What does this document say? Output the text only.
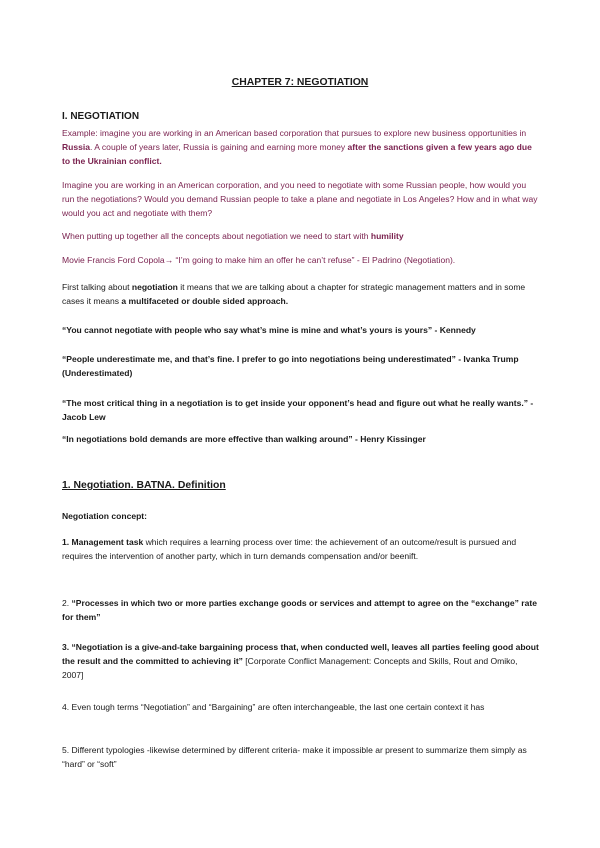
CHAPTER 7: NEGOTIATION

I. NEGOTIATION

Example: imagine you are working in an American based corporation that pursues to explore new business opportunities in Russia. A couple of years later, Russia is gaining and earning more money after the sanctions given a few years ago due to the Ukrainian conflict.

Imagine you are working in an American corporation, and you need to negotiate with some Russian people, how would you run the negotiations? Would you demand Russian people to take a plane and negotiate in Los Angeles? How and in what way would you act and negotiate with them?

When putting up together all the concepts about negotiation we need to start with humility

Movie Francis Ford Copola→ “I’m going to make him an offer he can’t refuse” - El Padrino (Negotiation).

First talking about negotiation it means that we are talking about a chapter for strategic management matters and in some cases it means a multifaceted or double sided approach.

“You cannot negotiate with people who say what’s mine is mine and what’s yours is yours” - Kennedy

“People underestimate me, and that’s fine. I prefer to go into negotiations being underestimated” - Ivanka Trump (Underestimated)

“The most critical thing in a negotiation is to get inside your opponent’s head and figure out what he really wants.” - Jacob Lew

“In negotiations bold demands are more effective than walking around” - Henry Kissinger

1. Negotiation. BATNA. Definition

Negotiation concept:

1. Management task which requires a learning process over time: the achievement of an outcome/result is pursued and requires the intervention of another party, which in turn demands compensation and/or beenift.

2. “Processes in which two or more parties exchange goods or services and attempt to agree on the “exchange” rate for them”

3. “Negotiation is a give-and-take bargaining process that, when conducted well, leaves all parties feeling good about the result and the committed to achieving it” [Corporate Conflict Management: Concepts and Skills, Rout and Omiko, 2007]

4. Even tough terms “Negotiation” and “Bargaining” are often interchangeable, the last one certain context it has

5. Different typologies -likewise determined by different criteria- make it impossible ar present to summarize them simply as “hard” or “soft”
